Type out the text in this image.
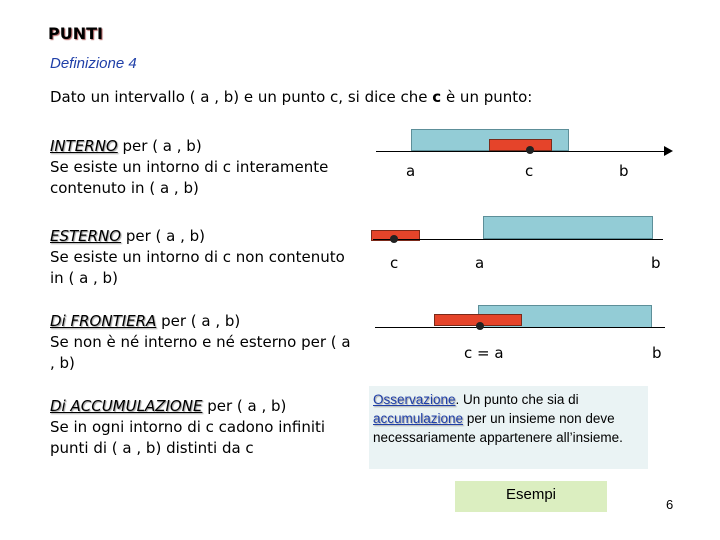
PUNTI
Definizione 4
Dato un intervallo ( a , b) e un punto c, si dice che c è un punto:
INTERNO per ( a , b)
Se esiste un intorno di c interamente contenuto in ( a , b)
ESTERNO per ( a , b)
Se esiste un intorno di c non contenuto in ( a , b)
Di FRONTIERA per ( a , b)
Se non è né interno e né esterno per ( a , b)
Di ACCUMULAZIONE per ( a , b)
Se in ogni intorno di c cadono infiniti punti di ( a , b) distinti da c
a	c	b
c	a	b
c = a	b
Osservazione. Un punto che sia di accumulazione per un insieme non deve necessariamente appartenere all’insieme.
Esempi
6
